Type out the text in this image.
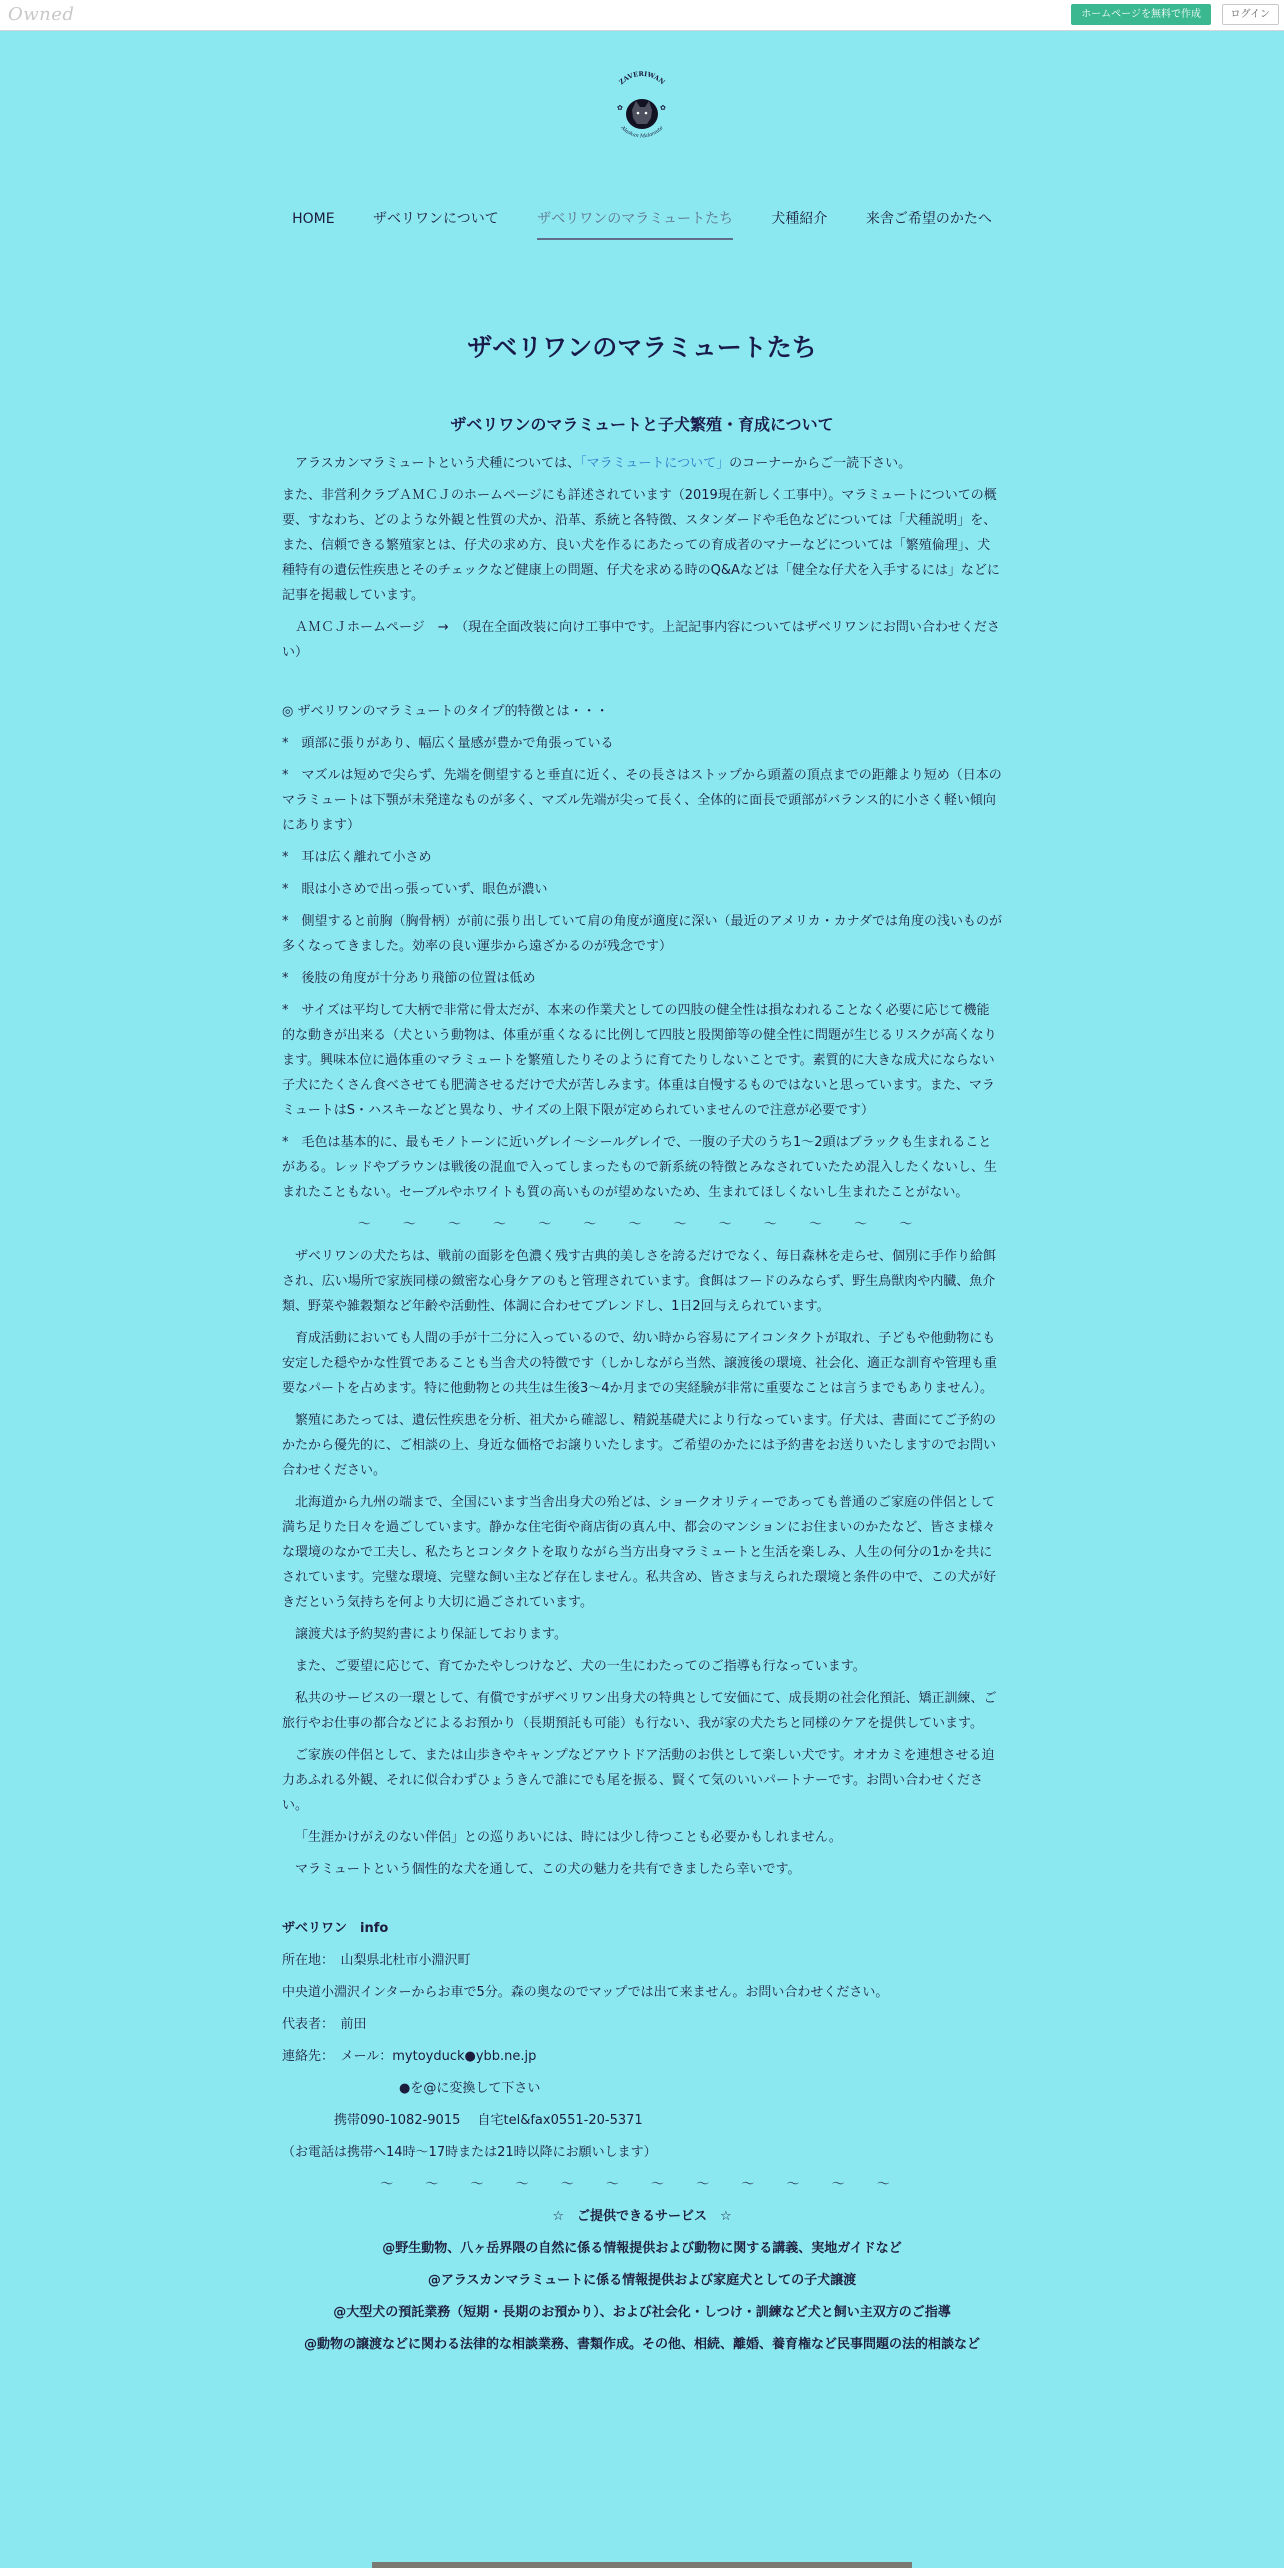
Owned	ホームページを無料で作成	ログイン
ZAVERIWAN
Alaskan Malamute
✿	✿
HOME	ザベリワンについて	ザベリワンのマラミュートたち	犬種紹介	来舎ご希望のかたへ
ザベリワンのマラミュートたち
ザベリワンのマラミュートと子犬繁殖・育成について

アラスカンマラミュートという犬種については、「マラミュートについて」のコーナーからご一読下さい。

また、非営利クラブＡＭＣＪのホームページにも詳述されています（2019現在新しく工事中）。マラミュートについての概要、すなわち、どのような外観と性質の犬か、沿革、系統と各特徴、スタンダードや毛色などについては「犬種説明」を、また、信頼できる繁殖家とは、仔犬の求め方、良い犬を作るにあたっての育成者のマナーなどについては「繁殖倫理」、犬種特有の遺伝性疾患とそのチェックなど健康上の問題、仔犬を求める時のQ&Aなどは「健全な仔犬を入手するには」などに記事を掲載しています。

　ＡＭＣＪホームページ　→　（現在全面改装に向け工事中です。上記記事内容についてはザベリワンにお問い合わせください）

◎ ザベリワンのマラミュートのタイプ的特徴とは・・・

*　頭部に張りがあり、幅広く量感が豊かで角張っている

*　マズルは短めで尖らず、先端を側望すると垂直に近く、その長さはストップから頭蓋の頂点までの距離より短め（日本のマラミュートは下顎が未発達なものが多く、マズル先端が尖って長く、全体的に面長で頭部がバランス的に小さく軽い傾向にあります）

*　耳は広く離れて小さめ

*　眼は小さめで出っ張っていず、眼色が濃い

*　側望すると前胸（胸骨柄）が前に張り出していて肩の角度が適度に深い（最近のアメリカ・カナダでは角度の浅いものが多くなってきました。効率の良い運歩から遠ざかるのが残念です）

*　後肢の角度が十分あり飛節の位置は低め

*　サイズは平均して大柄で非常に骨太だが、本来の作業犬としての四肢の健全性は損なわれることなく必要に応じて機能的な動きが出来る（犬という動物は、体重が重くなるに比例して四肢と股関節等の健全性に問題が生じるリスクが高くなります。興味本位に過体重のマラミュートを繁殖したりそのように育てたりしないことです。素質的に大きな成犬にならない子犬にたくさん食べさせても肥満させるだけで犬が苦しみます。体重は自慢するものではないと思っています。また、マラミュートはS・ハスキーなどと異なり、サイズの上限下限が定められていませんので注意が必要です）

*　毛色は基本的に、最もモノトーンに近いグレイ～シールグレイで、一腹の子犬のうち1～2頭はブラックも生まれることがある。レッドやブラウンは戦後の混血で入ってしまったもので新系統の特徴とみなされていたため混入したくないし、生まれたこともない。セーブルやホワイトも質の高いものが望めないため、生まれてほしくないし生まれたことがない。

～ ～ ～ ～ ～ ～ ～ ～ ～ ～ ～ ～ ～

ザベリワンの犬たちは、戦前の面影を色濃く残す古典的美しさを誇るだけでなく、毎日森林を走らせ、個別に手作り給餌され、広い場所で家族同様の緻密な心身ケアのもと管理されています。食餌はフードのみならず、野生鳥獣肉や内臓、魚介類、野菜や雑穀類など年齢や活動性、体調に合わせてブレンドし、1日2回与えられています。

育成活動においても人間の手が十二分に入っているので、幼い時から容易にアイコンタクトが取れ、子どもや他動物にも安定した穏やかな性質であることも当舎犬の特徴です（しかしながら当然、譲渡後の環境、社会化、適正な訓育や管理も重要なパートを占めます。特に他動物との共生は生後3～4か月までの実経験が非常に重要なことは言うまでもありません）。

繁殖にあたっては、遺伝性疾患を分析、祖犬から確認し、精鋭基礎犬により行なっています。仔犬は、書面にてご予約のかたから優先的に、ご相談の上、身近な価格でお譲りいたします。ご希望のかたには予約書をお送りいたしますのでお問い合わせください。

北海道から九州の端まで、全国にいます当舎出身犬の殆どは、ショークオリティーであっても普通のご家庭の伴侶として満ち足りた日々を過ごしています。静かな住宅街や商店街の真ん中、都会のマンションにお住まいのかたなど、皆さま様々な環境のなかで工夫し、私たちとコンタクトを取りながら当方出身マラミュートと生活を楽しみ、人生の何分の1かを共にされています。完璧な環境、完璧な飼い主など存在しません。私共含め、皆さま与えられた環境と条件の中で、この犬が好きだという気持ちを何より大切に過ごされています。

譲渡犬は予約契約書により保証しております。

また、ご要望に応じて、育てかたやしつけなど、犬の一生にわたってのご指導も行なっています。

私共のサービスの一環として、有償ですがザベリワン出身犬の特典として安価にて、成長期の社会化預託、矯正訓練、ご旅行やお仕事の都合などによるお預かり（長期預託も可能）も行ない、我が家の犬たちと同様のケアを提供しています。

ご家族の伴侶として、または山歩きやキャンプなどアウトドア活動のお供として楽しい犬です。オオカミを連想させる迫力あふれる外観、それに似合わずひょうきんで誰にでも尾を振る、賢くて気のいいパートナーです。お問い合わせください。

「生涯かけがえのない伴侶」との巡りあいには、時には少し待つことも必要かもしれません。

マラミュートという個性的な犬を通して、この犬の魅力を共有できましたら幸いです。

ザベリワン　info

所在地：　山梨県北杜市小淵沢町

中央道小淵沢インターからお車で5分。森の奥なのでマップでは出て来ません。お問い合わせください。

代表者：　前田

連絡先：　メール：mytoyduck●ybb.ne.jp

　　　　　　　　　●を@に変換して下さい

　　　　携帯090-1082-9015　 自宅tel&fax0551-20-5371

（お電話は携帯へ14時～17時または21時以降にお願いします）

～ ～ ～ ～ ～ ～ ～ ～ ～ ～ ～ ～

☆　ご提供できるサービス　☆

@野生動物、八ヶ岳界隈の自然に係る情報提供および動物に関する講義、実地ガイドなど

@アラスカンマラミュートに係る情報提供および家庭犬としての子犬譲渡

@大型犬の預託業務（短期・長期のお預かり）、および社会化・しつけ・訓練など犬と飼い主双方のご指導

@動物の譲渡などに関わる法律的な相談業務、書類作成。その他、相続、離婚、養育権など民事問題の法的相談など
